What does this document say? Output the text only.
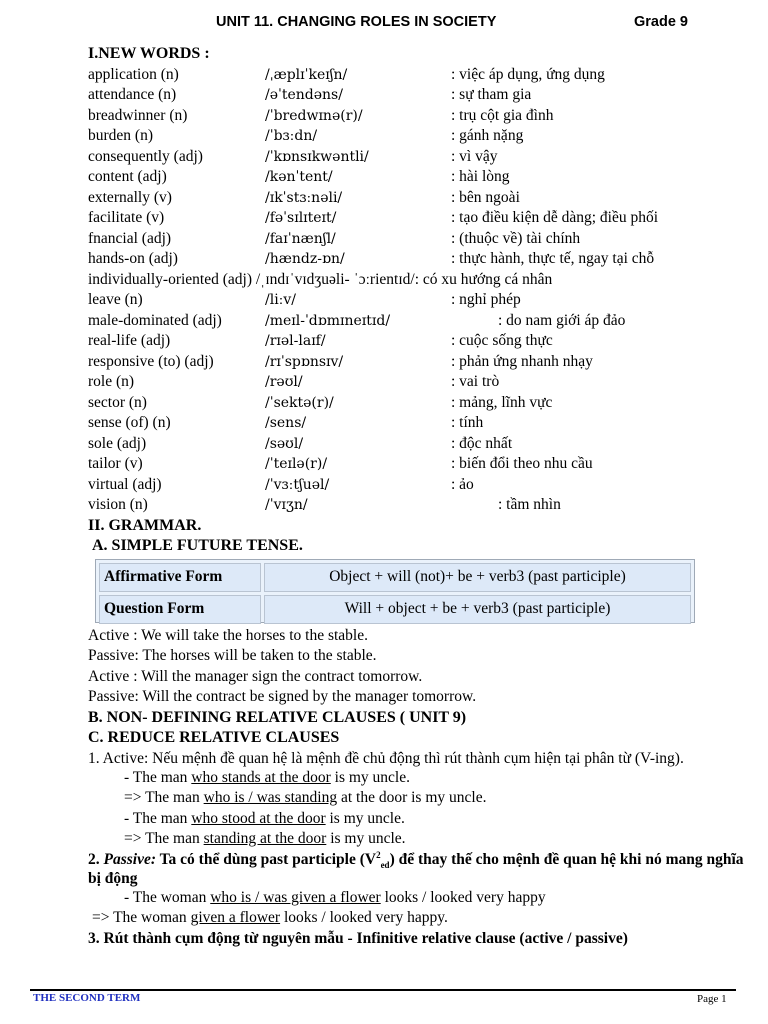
UNIT 11. CHANGING ROLES IN SOCIETY	Grade 9
I.NEW WORDS :
application (n)	/ˌæplɪˈkeɪʃn/	: việc áp dụng, ứng dụng
attendance (n)	/əˈtendəns/	: sự tham gia
breadwinner (n)	/ˈbredwɪnə(r)/	: trụ cột gia đình
burden (n)	/ˈbɜːdn/	: gánh nặng
consequently (adj)	/ˈkɒnsɪkwəntli/	: vì vậy
content (adj)	/kənˈtent/	: hài lòng
externally (v)	/ɪkˈstɜːnəli/	: bên ngoài
facilitate (v)	/fəˈsɪlɪteɪt/	: tạo điều kiện dễ dàng; điều phối
fnancial (adj)	/faɪˈnænʃl/	: (thuộc về) tài chính
hands-on (adj)	/hændz-ɒn/	: thực hành, thực tế, ngay tại chỗ
individually-oriented (adj) /ˌɪndɪˈvɪdʒuəli- ˈɔːrientɪd/: có xu hướng cá nhân
leave (n)	/liːv/	: nghỉ phép
male-dominated (adj)	/meɪl-ˈdɒmɪneɪtɪd/	: do nam giới áp đảo
real-life (adj)	/rɪəl-laɪf/	: cuộc sống thực
responsive (to) (adj)	/rɪˈspɒnsɪv/	: phản ứng nhanh nhạy
role (n)	/rəʊl/	: vai trò
sector (n)	/ˈsektə(r)/	: mảng, lĩnh vực
sense (of) (n)	/sens/	: tính
sole (adj)	/səʊl/	: độc nhất
tailor (v)	/ˈteɪlə(r)/	: biến đổi theo nhu cầu
virtual (adj)	/ˈvɜːtʃuəl/	: ảo
vision (n)	/ˈvɪʒn/	: tầm nhìn
II. GRAMMAR.
A. SIMPLE FUTURE TENSE.
Affirmative Form	Object + will (not)+ be + verb3 (past participle)
Question Form	Will + object + be + verb3 (past participle)
Active : We will take the horses to the stable.
Passive: The horses will be taken to the stable.
Active : Will the manager sign the contract tomorrow.
Passive: Will the contract be signed by the manager tomorrow.
B. NON- DEFINING RELATIVE CLAUSES ( UNIT 9)
C. REDUCE RELATIVE CLAUSES
1. Active: Nếu mệnh đề quan hệ là mệnh đề chủ động thì rút thành cụm hiện tại phân từ (V-ing).
- The man who stands at the door is my uncle.
=> The man who is / was standing at the door is my uncle.
- The man who stood at the door is my uncle.
=> The man standing at the door is my uncle.
2. Passive: Ta có thể dùng past participle $(V^2_{ed})$ để thay thế cho mệnh đề quan hệ khi nó mang nghĩa bị động
- The woman who is / was given a flower looks / looked very happy
=> The woman given a flower looks / looked very happy.
3. Rút thành cụm động từ nguyên mẫu - Infinitive relative clause (active / passive)
THE SECOND TERM	Page 1
